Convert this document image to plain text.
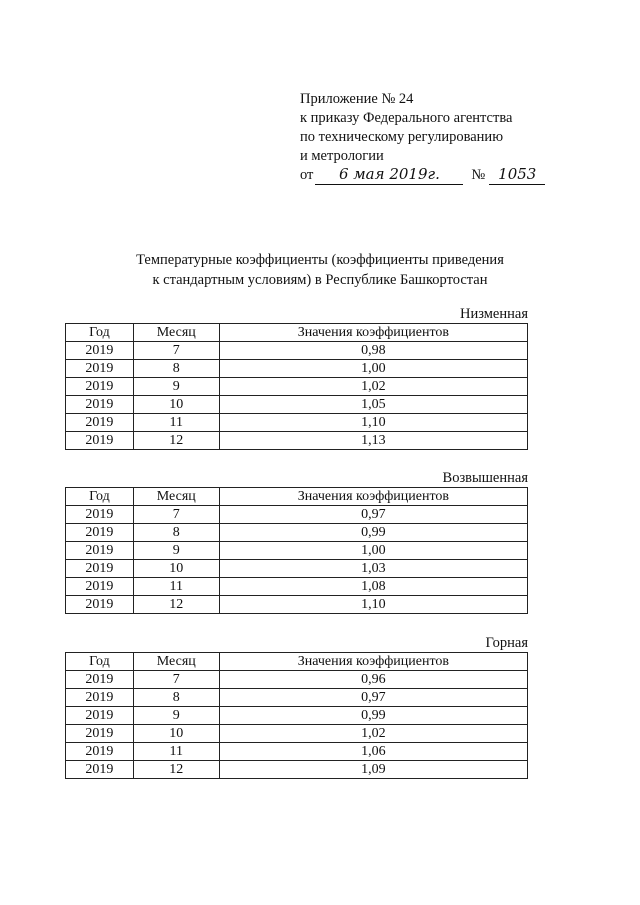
Приложение № 24
к приказу Федерального агентства
по техническому регулированию
и метрологии
от	6 мая 2019г.	№ 1053
Температурные коэффициенты (коэффициенты приведения
к стандартным условиям) в Республике Башкортостан
Низменная
Год	Месяц	Значения коэффициентов
2019	7	0,98
2019	8	1,00
2019	9	1,02
2019	10	1,05
2019	11	1,10
2019	12	1,13
Возвышенная
Год	Месяц	Значения коэффициентов
2019	7	0,97
2019	8	0,99
2019	9	1,00
2019	10	1,03
2019	11	1,08
2019	12	1,10
Горная
Год	Месяц	Значения коэффициентов
2019	7	0,96
2019	8	0,97
2019	9	0,99
2019	10	1,02
2019	11	1,06
2019	12	1,09
